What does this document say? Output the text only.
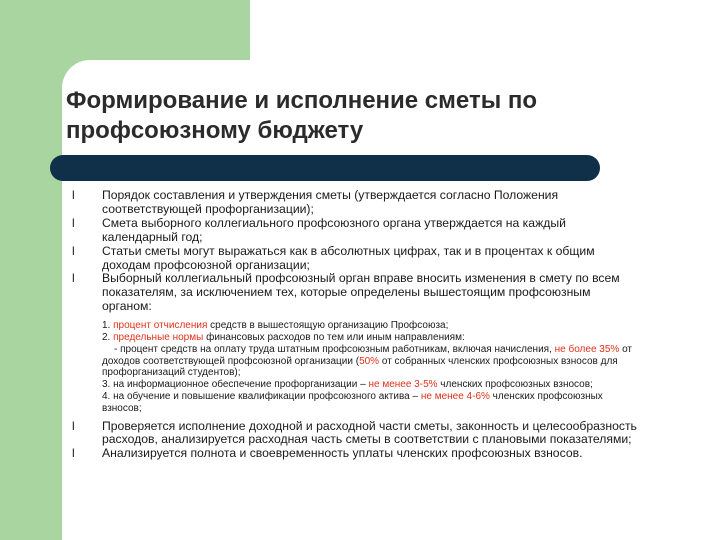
Формирование и исполнение сметы по профсоюзному бюджету
l Порядок составления и утверждения сметы (утверждается согласно Положения соответствующей профорганизации);
l Смета выборного коллегиального профсоюзного органа утверждается на каждый календарный год;
l Статьи сметы могут выражаться как в абсолютных цифрах, так и в процентах к общим доходам профсоюзной организации;
l Выборный коллегиальный профсоюзный орган вправе вносить изменения в смету по всем показателям, за исключением тех, которые определены вышестоящим профсоюзным органом:
1. процент отчисления средств в вышестоящую организацию Профсоюза;
2. предельные нормы финансовых расходов по тем или иным направлениям:
- процент средств на оплату труда штатным профсоюзным работникам, включая начисления, не более 35% от доходов соответствующей профсоюзной организации (50% от собранных членских профсоюзных взносов для профорганизаций студентов);
3. на информационное обеспечение профорганизации – не менее 3-5% членских профсоюзных взносов;
4. на обучение и повышение квалификации профсоюзного актива – не менее 4-6% членских профсоюзных взносов;
l Проверяется исполнение доходной и расходной части сметы, законность и целесообразность расходов, анализируется расходная часть сметы в соответствии с плановыми показателями;
l Анализируется полнота и своевременность уплаты членских профсоюзных взносов.
